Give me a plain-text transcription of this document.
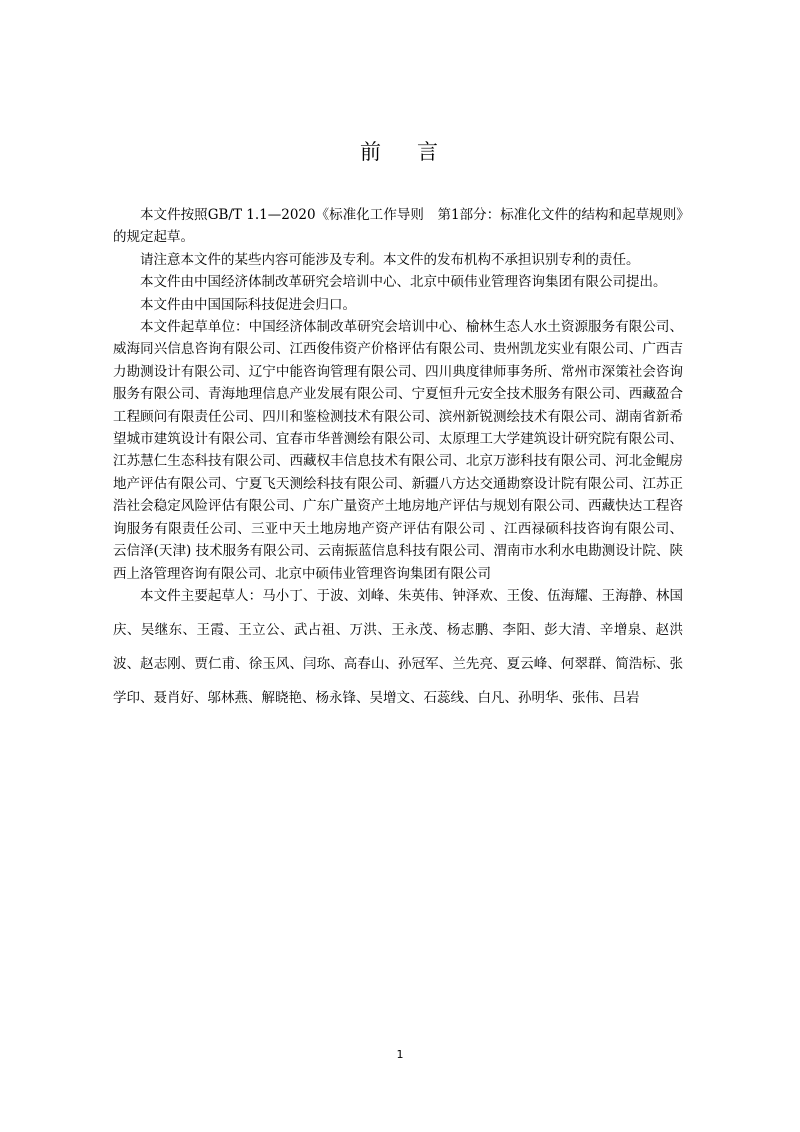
前 言

本文件按照GB/T 1.1—2020《标准化工作导则　第1部分：标准化文件的结构和起草规则》的规定起草。

请注意本文件的某些内容可能涉及专利。本文件的发布机构不承担识别专利的责任。

本文件由中国经济体制改革研究会培训中心、北京中硕伟业管理咨询集团有限公司提出。

本文件由中国国际科技促进会归口。

本文件起草单位：中国经济体制改革研究会培训中心、榆林生态人水土资源服务有限公司、威海同兴信息咨询有限公司、江西俊伟资产价格评估有限公司、贵州凯龙实业有限公司、广西吉力勘测设计有限公司、辽宁中能咨询管理有限公司、四川典度律师事务所、常州市深策社会咨询服务有限公司、青海地理信息产业发展有限公司、宁夏恒升元安全技术服务有限公司、西藏盈合工程顾问有限责任公司、四川和鉴检测技术有限公司、滨州新锐测绘技术有限公司、湖南省新希望城市建筑设计有限公司、宜春市华普测绘有限公司、太原理工大学建筑设计研究院有限公司、江苏慧仁生态科技有限公司、西藏权丰信息技术有限公司、北京万澎科技有限公司、河北金鲲房地产评估有限公司、宁夏飞天测绘科技有限公司、新疆八方达交通勘察设计院有限公司、江苏正浩社会稳定风险评估有限公司、广东广量资产土地房地产评估与规划有限公司、西藏快达工程咨询服务有限责任公司、三亚中天土地房地产资产评估有限公司 、江西禄硕科技咨询有限公司、云信泽(天津) 技术服务有限公司、云南振蓝信息科技有限公司、渭南市水利水电勘测设计院、陕西上洛管理咨询有限公司、北京中硕伟业管理咨询集团有限公司

本文件主要起草人：马小丁、于波、刘峰、朱英伟、钟泽欢、王俊、伍海耀、王海静、林国庆、吴继东、王霞、王立公、武占祖、万洪、王永茂、杨志鹏、李阳、彭大清、辛增泉、赵洪波、赵志刚、贾仁甫、徐玉风、闫珎、高春山、孙冠军、兰先亮、夏云峰、何翠群、简浩标、张学印、聂肖好、邬林燕、解晓艳、杨永锋、吴增文、石蕊线、白凡、孙明华、张伟、吕岩

1
